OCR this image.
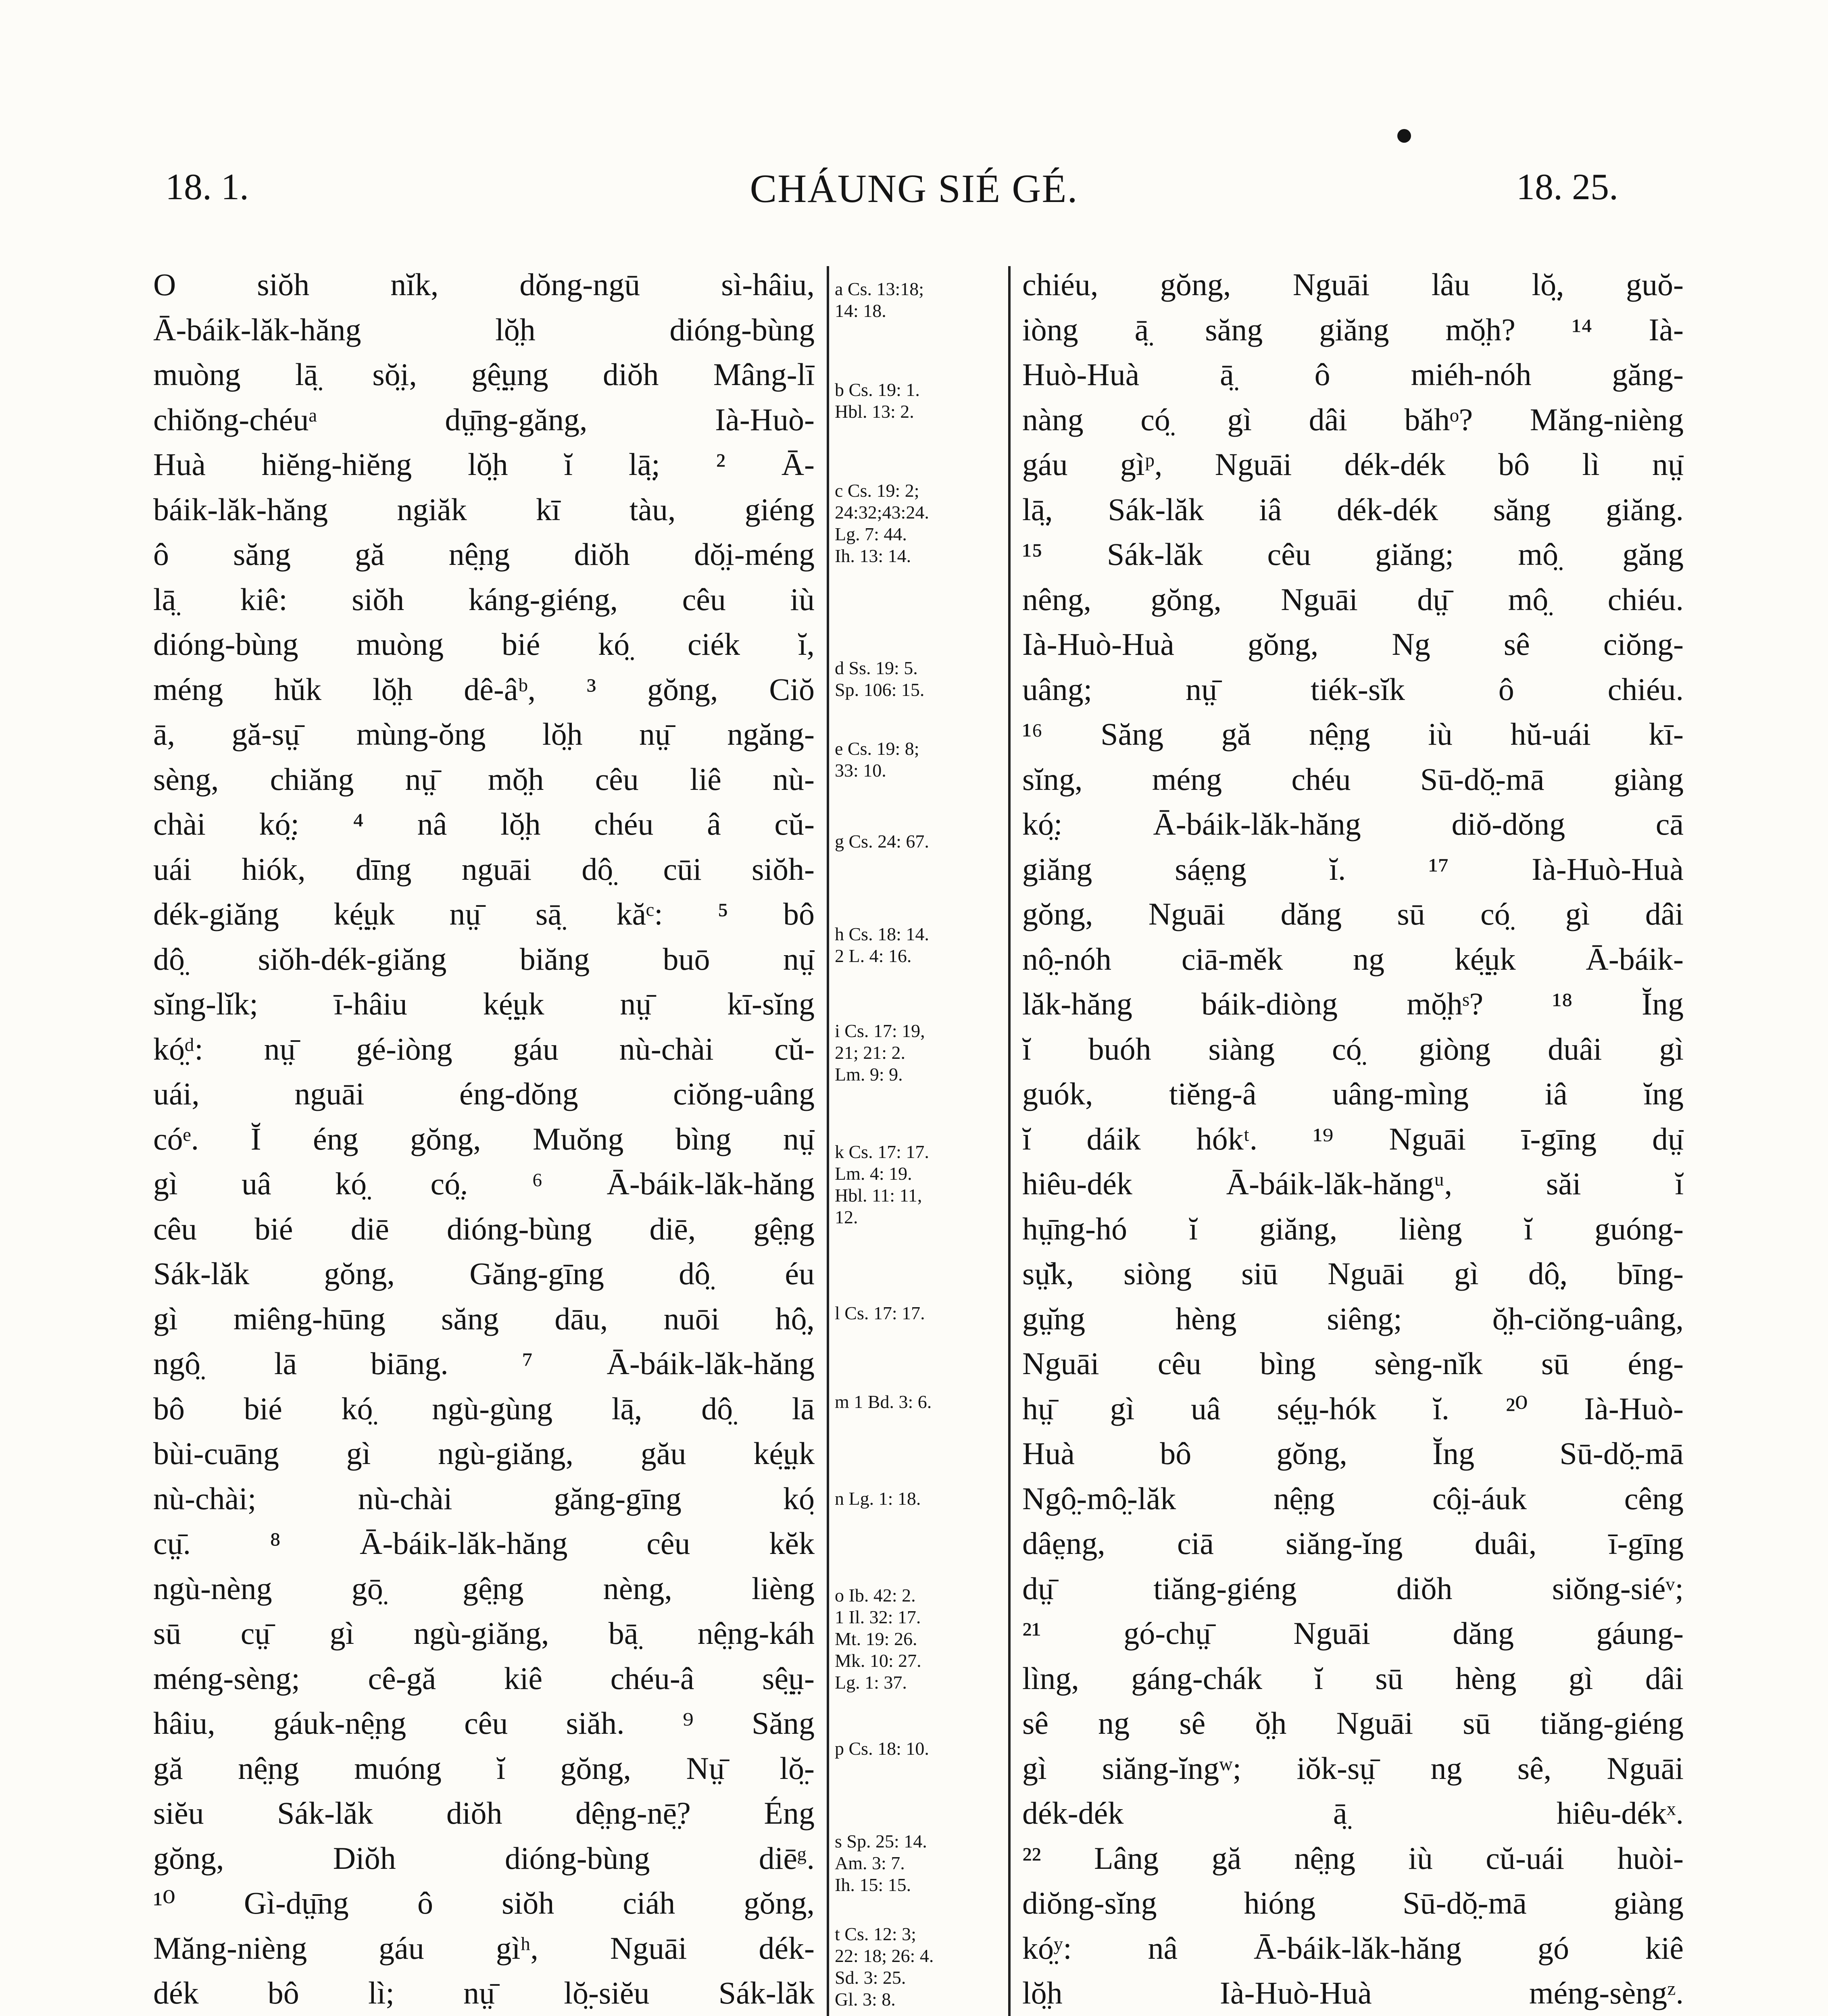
18. 1.	CHÁUNG SIÉ GÉ.	18. 25.
O siŏh nĭk, dŏng-ngū sì-hâiu,
Ā-báik-lăk-hăng lŏ̤h dióng-bùng
muòng lā̤ sŏ̤i, gê̤ṳng diŏh Mâng-lī
chiŏng-chéuᵃ dṳ̄ng-găng, Ià-Huò-
Huà hiĕng-hiĕng lŏ̤h ĭ lā̤; ² Ā-
báik-lăk-hăng ngiăk kī tàu, giéng
ô săng gă nê̤ng diŏh dŏ̤i-méng
lā̤ kiê: siŏh káng-giéng, cêu iù
dióng-bùng muòng bié kó̤ ciék ĭ,
méng hŭk lŏ̤h dê-âᵇ, ³ gŏng, Ciŏ
ā, gă-sṳ̄ mùng-ŏng lŏ̤h nṳ̄ ngăng-
sèng, chiăng nṳ̄ mŏ̤h cêu liê nù-
chài kó̤: ⁴ nâ lŏ̤h chéu â cŭ-
uái hiók, dīng nguāi dô̤ cūi siŏh-
dék-giăng ké̤ṳk nṳ̄ sā̤ kăᶜ: ⁵ bô
dô̤ siŏh-dék-giăng biăng buō nṳ̄
sĭng-lĭk; ī-hâiu ké̤ṳk nṳ̄ kī-sĭng
kó̤ᵈ: nṳ̄ gé-iòng gáu nù-chài cŭ-
uái, nguāi éng-dŏng ciŏng-uâng
cóᵉ. Ĭ éng gŏng, Muŏng bìng nṳ̄
gì uâ kó̤ có̤. ⁶ Ā-báik-lăk-hăng
cêu bié diē dióng-bùng diē, gê̤ng
Sák-lăk gŏng, Găng-gīng dô̤ éu
gì miêng-hūng săng dāu, nuōi hô̤,
ngô̤ lā biāng. ⁷ Ā-báik-lăk-hăng
bô bié kó̤ ngù-gùng lā̤, dô̤ lā
bùi-cuāng gì ngù-giăng, gău ké̤ṳk
nù-chài; nù-chài găng-gīng kó̤
cṳ̄. ⁸ Ā-báik-lăk-hăng cêu kĕk
ngù-nèng gō̤ gê̤ng nèng, lièng
sū cṳ̄ gì ngù-giăng, bā̤ nê̤ng-káh
méng-sèng; cê-gă kiê chéu-â sê̤ṳ-
hâiu, gáuk-nê̤ng cêu siăh. ⁹ Săng
gă nê̤ng muóng ĭ gŏng, Nṳ̄ lŏ̤-
siĕu Sák-lăk diŏh dê̤ng-nē̤? Éng
gŏng, Diŏh dióng-bùng diēᵍ.
¹⁰ Gì-dṳ̄ng ô siŏh ciáh gŏng,
Măng-nièng gáu gìʰ, Nguāi dék-
dék bô lì; nṳ̄ lŏ̤-siĕu Sák-lăk
a Cs. 13:18;
14: 18.
b Cs. 19: 1.
Hbl. 13: 2.
c Cs. 19: 2;
24:32;43:24.
Lg. 7: 44.
Ih. 13: 14.
d Ss. 19: 5.
Sp. 106: 15.
e Cs. 19: 8;
33: 10.
g Cs. 24: 67.
h Cs. 18: 14.
2 L. 4: 16.
i Cs. 17: 19,
21; 21: 2.
Lm. 9: 9.
k Cs. 17: 17.
Lm. 4: 19.
Hbl. 11: 11,
12.
l Cs. 17: 17.
m 1 Bd. 3: 6.
n Lg. 1: 18.
o Ib. 42: 2.
1 Il. 32: 17.
Mt. 19: 26.
Mk. 10: 27.
Lg. 1: 37.
p Cs. 18: 10.
s Sp. 25: 14.
Am. 3: 7.
Ih. 15: 15.
t Cs. 12: 3;
22: 18; 26: 4.
Sd. 3: 25.
Gl. 3: 8.
chiéu, gŏng, Nguāi lâu lŏ̤, guŏ-
iòng ā̤ săng giăng mŏ̤h? ¹⁴ Ià-
Huò-Huà ā̤ ô miéh-nóh găng-
nàng có̤ gì dâi băhᵒ? Măng-nièng
gáu gìᵖ, Nguāi dék-dék bô lì nṳ̄
lā̤, Sák-lăk iâ dék-dék săng giăng.
¹⁵ Sák-lăk cêu giăng; mô̤ găng
nêng, gŏng, Nguāi dṳ̄ mô̤ chiéu.
Ià-Huò-Huà gŏng, Ng sê ciŏng-
uâng; nṳ̄ tiék-sĭk ô chiéu.
¹⁶ Săng gă nê̤ng iù hŭ-uái kī-
sĭng, méng chéu Sū-dŏ̤-mā giàng
kó̤: Ā-báik-lăk-hăng diŏ-dŏng cā
giăng sáe̤ng ĭ. ¹⁷ Ià-Huò-Huà
gŏng, Nguāi dăng sū có̤ gì dâi
nô̤-nóh ciā-mĕk ng ké̤ṳk Ā-báik-
lăk-hăng báik-diòng mŏ̤hˢ? ¹⁸ Ĭng
ĭ buóh siàng có̤ giòng duâi gì
guók, tiĕng-â uâng-mìng iâ ĭng
ĭ dáik hókᵗ. ¹⁹ Nguāi ī-gīng dṳ̄
hiêu-dék Ā-báik-lăk-hăngᵘ, săi ĭ
hṳ̄ng-hó ĭ giăng, lièng ĭ guóng-
sṳ̆k, siòng siū Nguāi gì dô̤, bīng-
gṳ̆ng hèng siêng; ŏ̤h-ciŏng-uâng,
Nguāi cêu bìng sèng-nĭk sū éng-
hṳ̄ gì uâ sé̤ṳ-hók ĭ. ²⁰ Ià-Huò-
Huà bô gŏng, Ĭng Sū-dŏ̤-mā
Ngô̤-mô̤-lăk nê̤ng cô̤i-áuk cêng
dâe̤ng, ciā siăng-ĭng duâi, ī-gīng
dṳ̄ tiăng-giéng diŏh siŏng-siéᵛ;
²¹ gó-chṳ̄ Nguāi dăng gáung-
lìng, gáng-chák ĭ sū hèng gì dâi
sê ng sê ŏ̤h Nguāi sū tiăng-giéng
gì siăng-ĭngʷ; iŏk-sṳ̄ ng sê, Nguāi
dék-dék ā̤ hiêu-dékˣ.
²² Lâng gă nê̤ng iù cŭ-uái huòi-
diŏng-sĭng hióng Sū-dŏ̤-mā giàng
kó̤ʸ: nâ Ā-báik-lăk-hăng gó kiê
lŏ̤h Ià-Huò-Huà méng-sèngᶻ.
